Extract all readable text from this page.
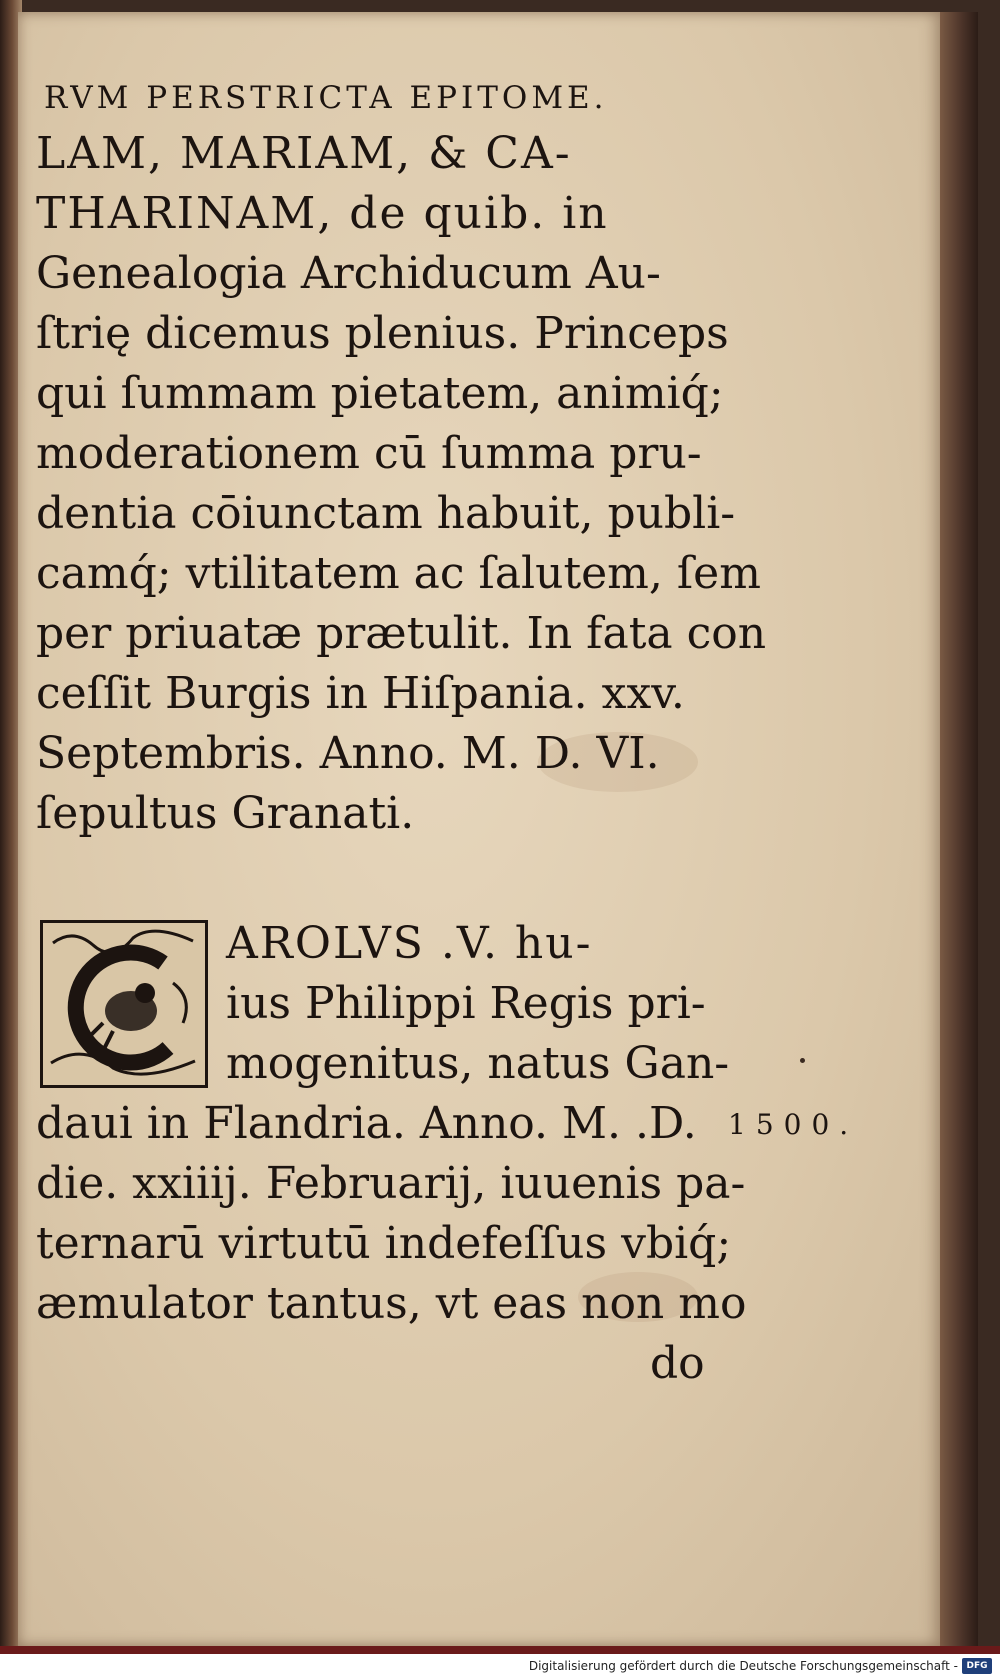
RVM PERSTRICTA EPITOME.
LAM, MARIAM, & CA-
THARINAM, de quib. in
Genealogia Archiducum Au-
ſtrię dicemus plenius. Princeps
qui ſummam pietatem, animiq́;
moderationem cū ſumma pru-
dentia cōiunctam habuit, publi-
camq́; vtilitatem ac ſalutem, ſem
per priuatæ prætulit. In fata con
ceſſit Burgis in Hiſpania. xxv.
Septembris. Anno. M. D. VI.
ſepultus Granati.
AROLVS .V. hu-
ius Philippi Regis pri-
mogenitus, natus Gan-
daui in Flandria. Anno. M. .D.
die. xxiiij. Februarij, iuuenis pa-
ternarū virtutū indefeſſus vbiq́;
æmulator tantus, vt eas non mo
do
1500.
Digitalisierung gefördert durch die Deutsche Forschungsgemeinschaft - DFG
